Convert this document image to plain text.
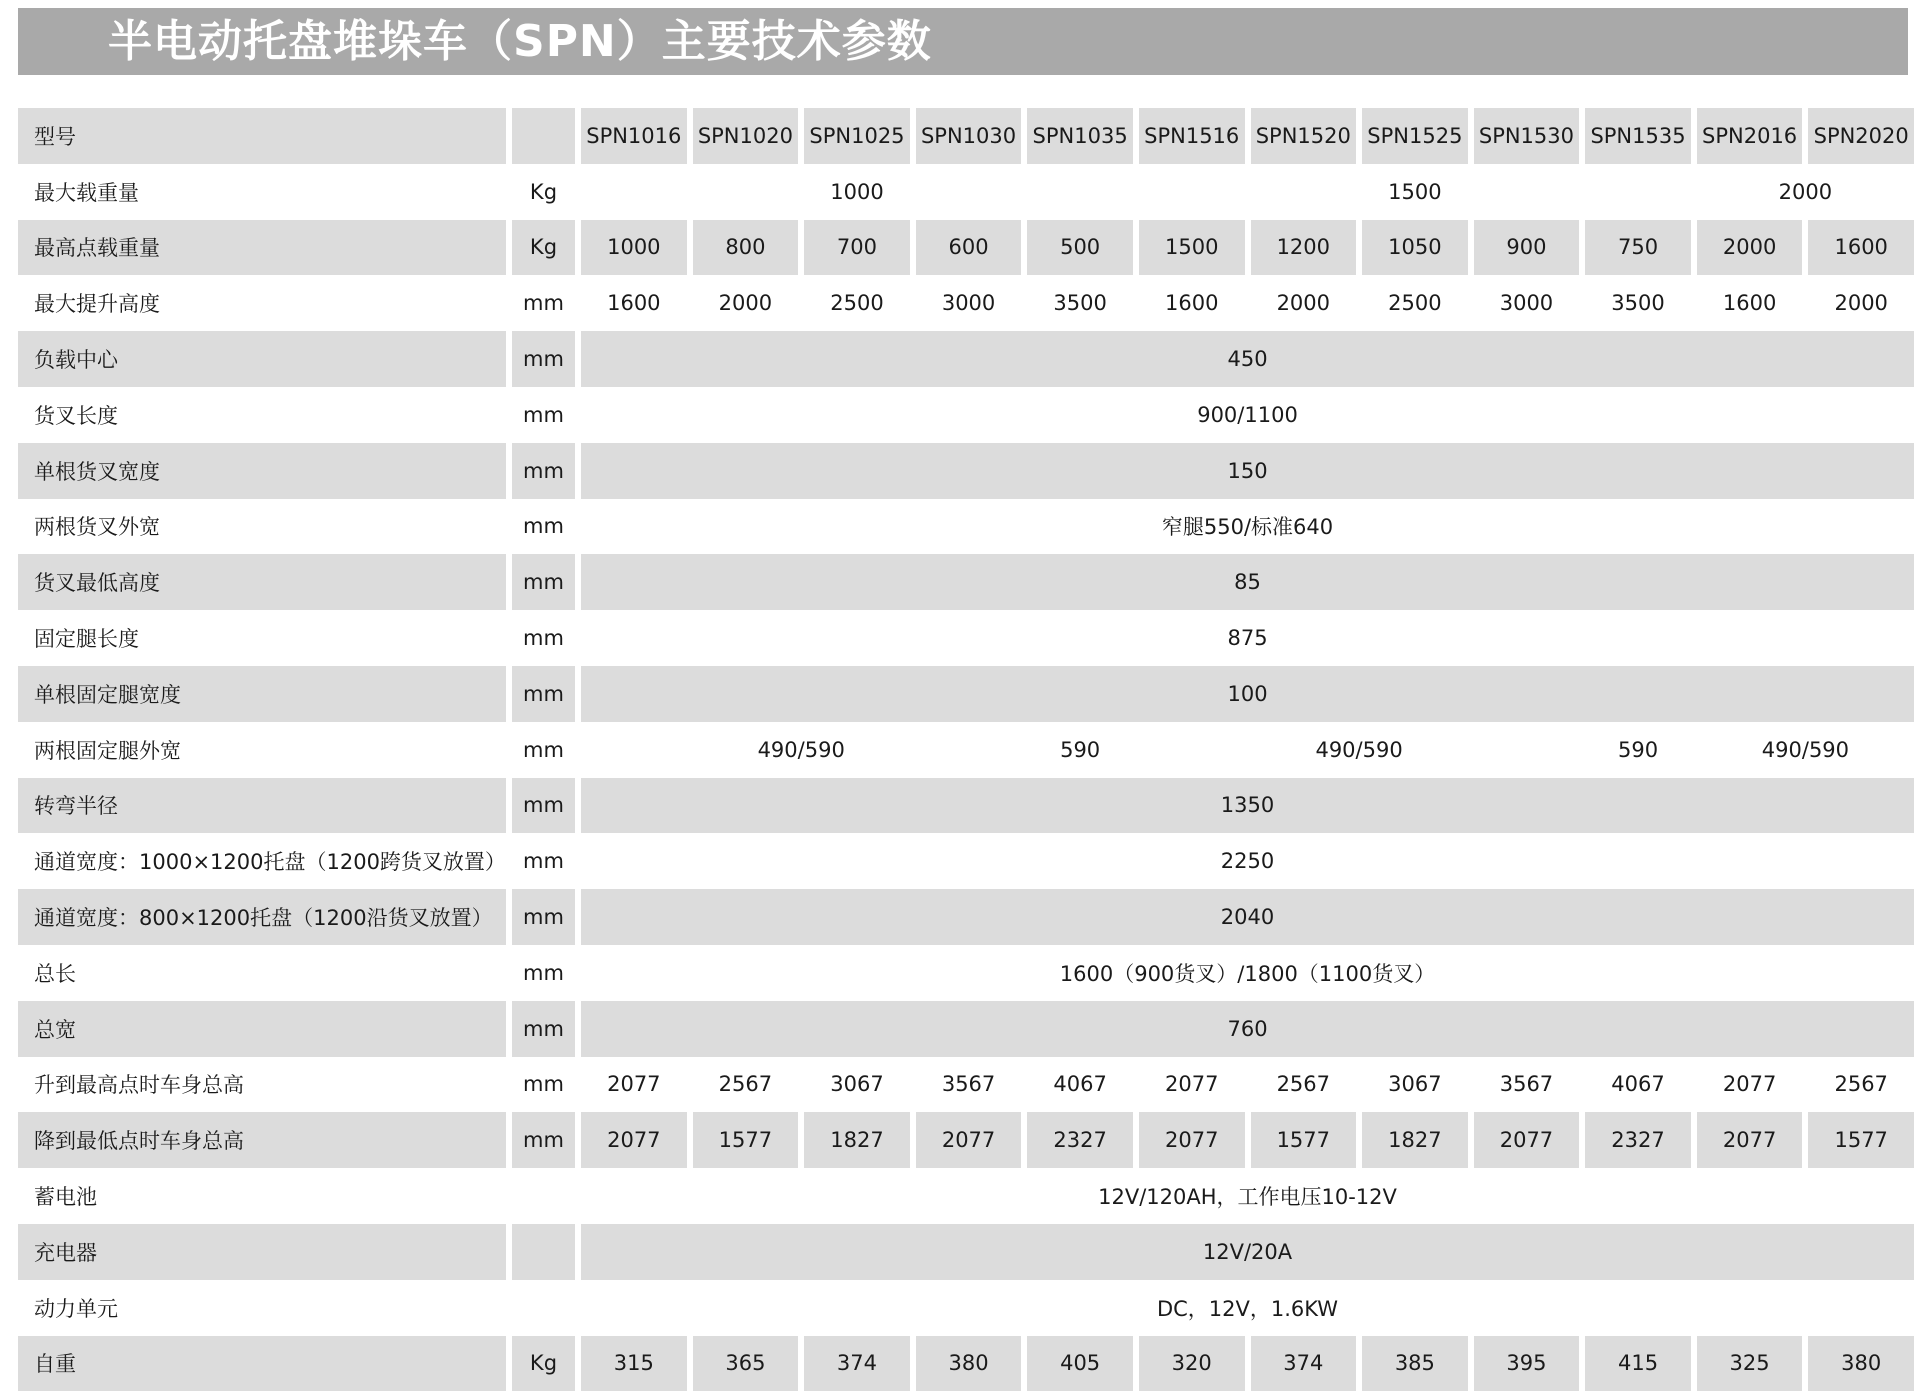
半电动托盘堆垛车（SPN）主要技术参数
型号		SPN1016	SPN1020	SPN1025	SPN1030	SPN1035	SPN1516	SPN1520	SPN1525	SPN1530	SPN1535	SPN2016	SPN2020
最大载重量	Kg	1000					1500					2000	
最高点载重量	Kg	1000	800	700	600	500	1500	1200	1050	900	750	2000	1600
最大提升高度	mm	1600	2000	2500	3000	3500	1600	2000	2500	3000	3500	1600	2000
负载中心	mm	450											
货叉长度	mm	900/1100											
单根货叉宽度	mm	150											
两根货叉外宽	mm	窄腿550/标准640											
货叉最低高度	mm	85											
固定腿长度	mm	875											
单根固定腿宽度	mm	100											
两根固定腿外宽	mm	490/590				590	490/590				590	490/590	
转弯半径	mm	1350											
通道宽度：1000×1200托盘（1200跨货叉放置）	mm	2250											
通道宽度：800×1200托盘（1200沿货叉放置）	mm	2040											
总长	mm	1600（900货叉）/1800（1100货叉）											
总宽	mm	760											
升到最高点时车身总高	mm	2077	2567	3067	3567	4067	2077	2567	3067	3567	4067	2077	2567
降到最低点时车身总高	mm	2077	1577	1827	2077	2327	2077	1577	1827	2077	2327	2077	1577
蓄电池		12V/120AH，工作电压10-12V											
充电器		12V/20A											
动力单元		DC，12V，1.6KW											
自重	Kg	315	365	374	380	405	320	374	385	395	415	325	380
